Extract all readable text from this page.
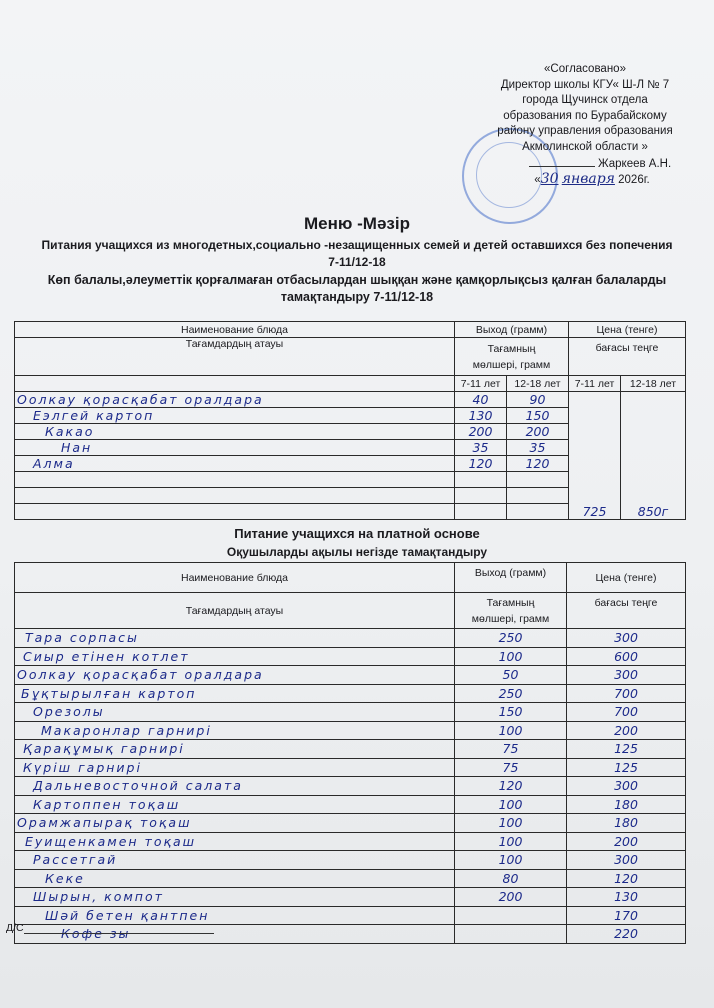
«Согласовано»
Директор школы КГУ« Ш-Л № 7
города Щучинск отдела
образования по Бурабайскому
району управления образования
Акмолинской области »
Жаркеев А.Н.
«30 января 2026г.
Меню -Мәзір
Питания учащихся из многодетных,социально -незащищенных семей и детей оставшихся без попечения
7-11/12-18
Көп балалы,әлеуметтік қорғалмаған отбасылардан шыққан және қамқорлықсыз қалған балаларды
тамақтандыру 7-11/12-18
Наименование блюда	Выход (грамм)		Цена (тенге)	
Тағамдардың атауы	Тағамның
мөлшері, грамм		бағасы теңге	
	7-11 лет	12-18 лет	7-11 лет	12-18 лет
Оолкау қорасқабат оралдара	40	90	725	850г
Еэлгей картоп	130	150		
Какао	200	200		
Нан	35	35		
Алма	120	120		

Питание учащихся на платной основе
Оқушыларды ақылы негізде тамақтандыру
Наименование блюда	Выход (грамм)	Цена (тенге)
Тағамдардың атауы	Тағамның
мөлшері, грамм	бағасы теңге
Тара сорпасы	250	300
Сиыр етінен котлет	100	600
Оолкау қорасқабат оралдара	50	300
Бұқтырылған картоп	250	700
Орезолы	150	700
Макаронлар гарнирі	100	200
Қарақұмық гарнирі	75	125
Күрiш гарнирі	75	125
Дальневосточной салата	120	300
Картоппен тоқаш	100	180
Орамжапырақ тоқаш	100	180
Еуищенкамен тоқаш	100	200
Рассетгай	100	300
Кеке	80	120
Шырын, компот	200	130
Шәй бетен қантпен		170
Кофе зы		220
Д/С
